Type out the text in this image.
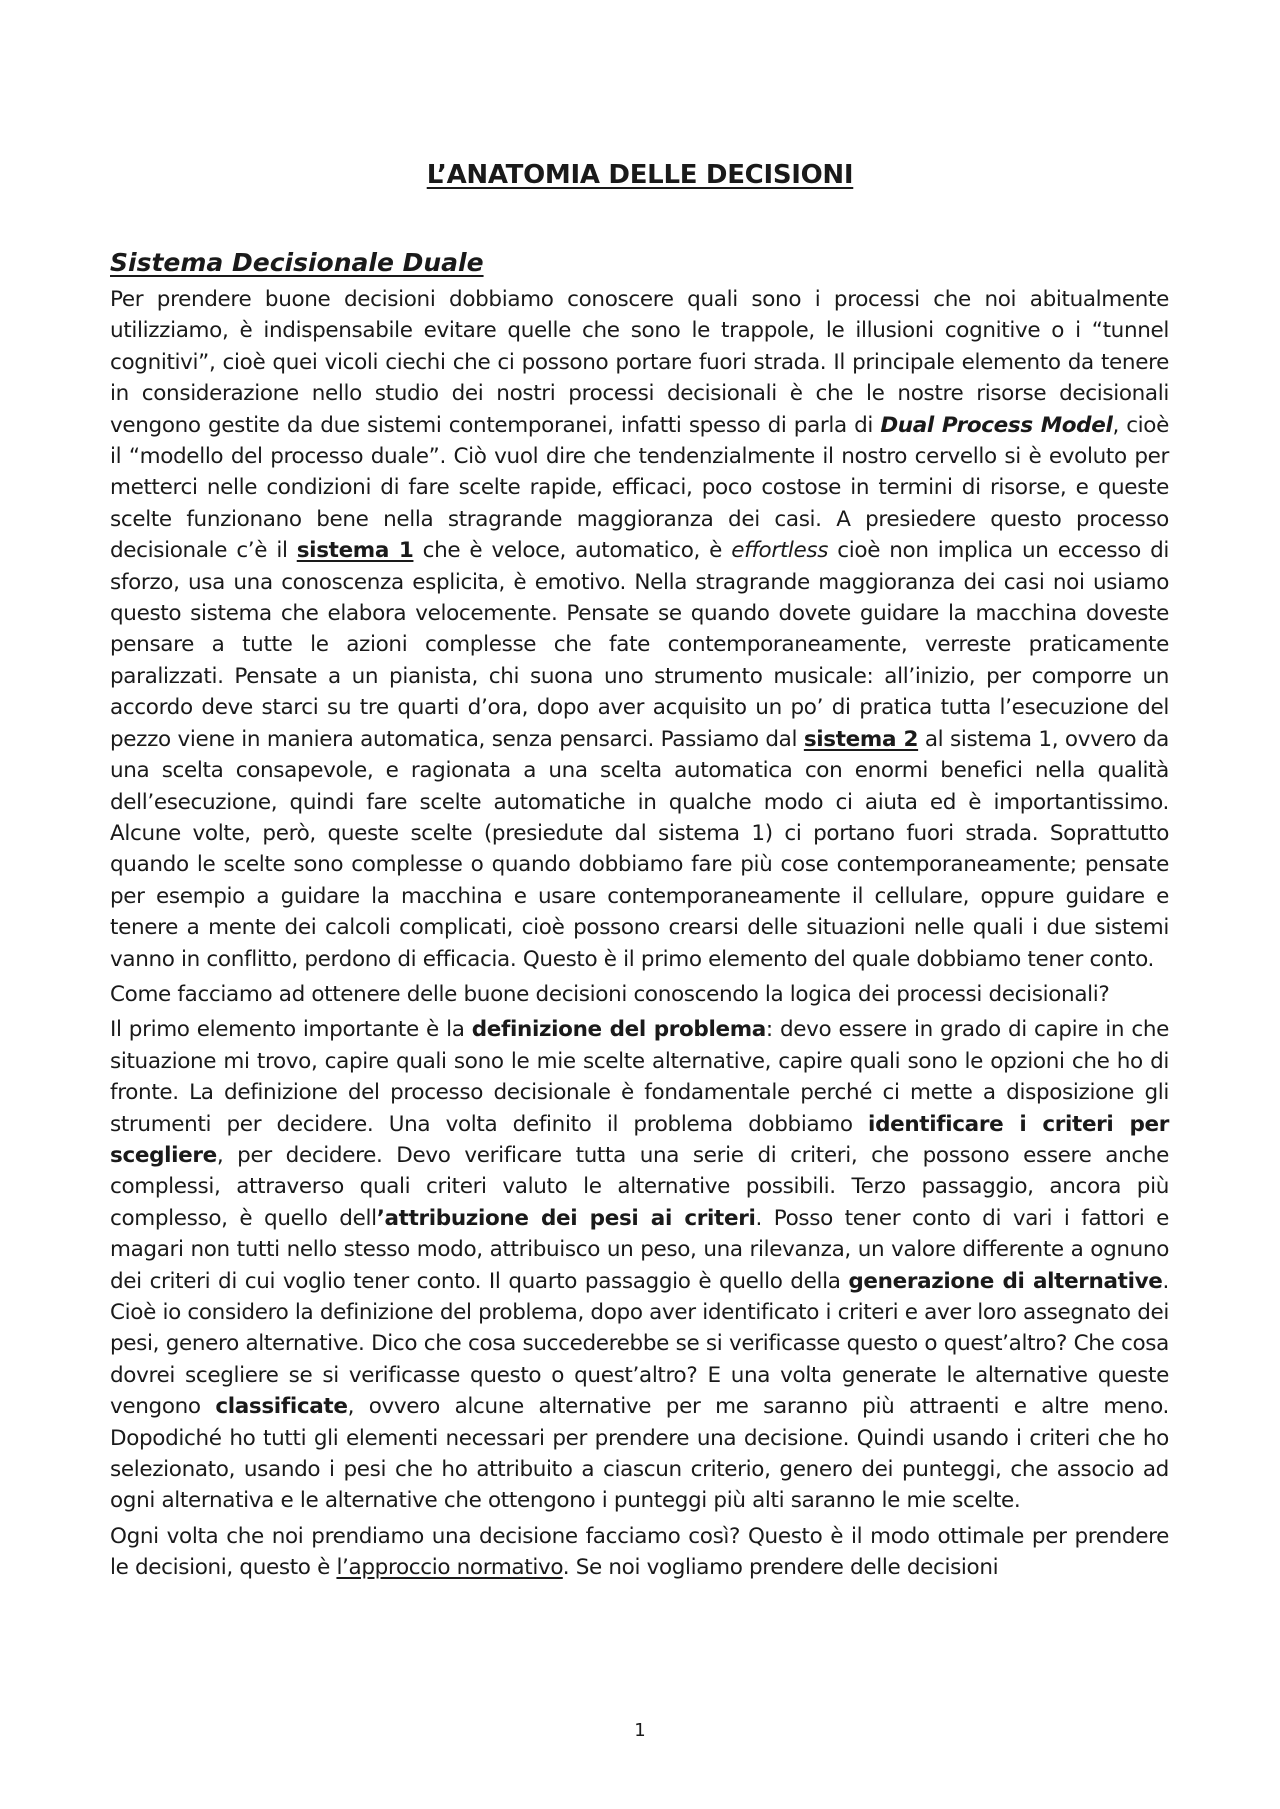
L’ANATOMIA DELLE DECISIONI
Sistema Decisionale Duale

Per prendere buone decisioni dobbiamo conoscere quali sono i processi che noi abitualmente utilizziamo, è indispensabile evitare quelle che sono le trappole, le illusioni cognitive o i “tunnel cognitivi”, cioè quei vicoli ciechi che ci possono portare fuori strada. Il principale elemento da tenere in considerazione nello studio dei nostri processi decisionali è che le nostre risorse decisionali vengono gestite da due sistemi contemporanei, infatti spesso di parla di Dual Process Model, cioè il “modello del processo duale”. Ciò vuol dire che tendenzialmente il nostro cervello si è evoluto per metterci nelle condizioni di fare scelte rapide, efficaci, poco costose in termini di risorse, e queste scelte funzionano bene nella stragrande maggioranza dei casi. A presiedere questo processo decisionale c’è il sistema 1 che è veloce, automatico, è effortless cioè non implica un eccesso di sforzo, usa una conoscenza esplicita, è emotivo. Nella stragrande maggioranza dei casi noi usiamo questo sistema che elabora velocemente. Pensate se quando dovete guidare la macchina doveste pensare a tutte le azioni complesse che fate contemporaneamente, verreste praticamente paralizzati. Pensate a un pianista, chi suona uno strumento musicale: all’inizio, per comporre un accordo deve starci su tre quarti d’ora, dopo aver acquisito un po’ di pratica tutta l’esecuzione del pezzo viene in maniera automatica, senza pensarci. Passiamo dal sistema 2 al sistema 1, ovvero da una scelta consapevole, e ragionata a una scelta automatica con enormi benefici nella qualità dell’esecuzione, quindi fare scelte automatiche in qualche modo ci aiuta ed è importantissimo. Alcune volte, però, queste scelte (presiedute dal sistema 1) ci portano fuori strada. Soprattutto quando le scelte sono complesse o quando dobbiamo fare più cose contemporaneamente; pensate per esempio a guidare la macchina e usare contemporaneamente il cellulare, oppure guidare e tenere a mente dei calcoli complicati, cioè possono crearsi delle situazioni nelle quali i due sistemi vanno in conflitto, perdono di efficacia. Questo è il primo elemento del quale dobbiamo tener conto.

Come facciamo ad ottenere delle buone decisioni conoscendo la logica dei processi decisionali?

Il primo elemento importante è la definizione del problema: devo essere in grado di capire in che situazione mi trovo, capire quali sono le mie scelte alternative, capire quali sono le opzioni che ho di fronte. La definizione del processo decisionale è fondamentale perché ci mette a disposizione gli strumenti per decidere. Una volta definito il problema dobbiamo identificare i criteri per scegliere, per decidere. Devo verificare tutta una serie di criteri, che possono essere anche complessi, attraverso quali criteri valuto le alternative possibili. Terzo passaggio, ancora più complesso, è quello dell’attribuzione dei pesi ai criteri. Posso tener conto di vari i fattori e magari non tutti nello stesso modo, attribuisco un peso, una rilevanza, un valore differente a ognuno dei criteri di cui voglio tener conto. Il quarto passaggio è quello della generazione di alternative. Cioè io considero la definizione del problema, dopo aver identificato i criteri e aver loro assegnato dei pesi, genero alternative. Dico che cosa succederebbe se si verificasse questo o quest’altro? Che cosa dovrei scegliere se si verificasse questo o quest’altro? E una volta generate le alternative queste vengono classificate, ovvero alcune alternative per me saranno più attraenti e altre meno. Dopodiché ho tutti gli elementi necessari per prendere una decisione. Quindi usando i criteri che ho selezionato, usando i pesi che ho attribuito a ciascun criterio, genero dei punteggi, che associo ad ogni alternativa e le alternative che ottengono i punteggi più alti saranno le mie scelte.

Ogni volta che noi prendiamo una decisione facciamo così? Questo è il modo ottimale per prendere le decisioni, questo è l’approccio normativo. Se noi vogliamo prendere delle decisioni

1
